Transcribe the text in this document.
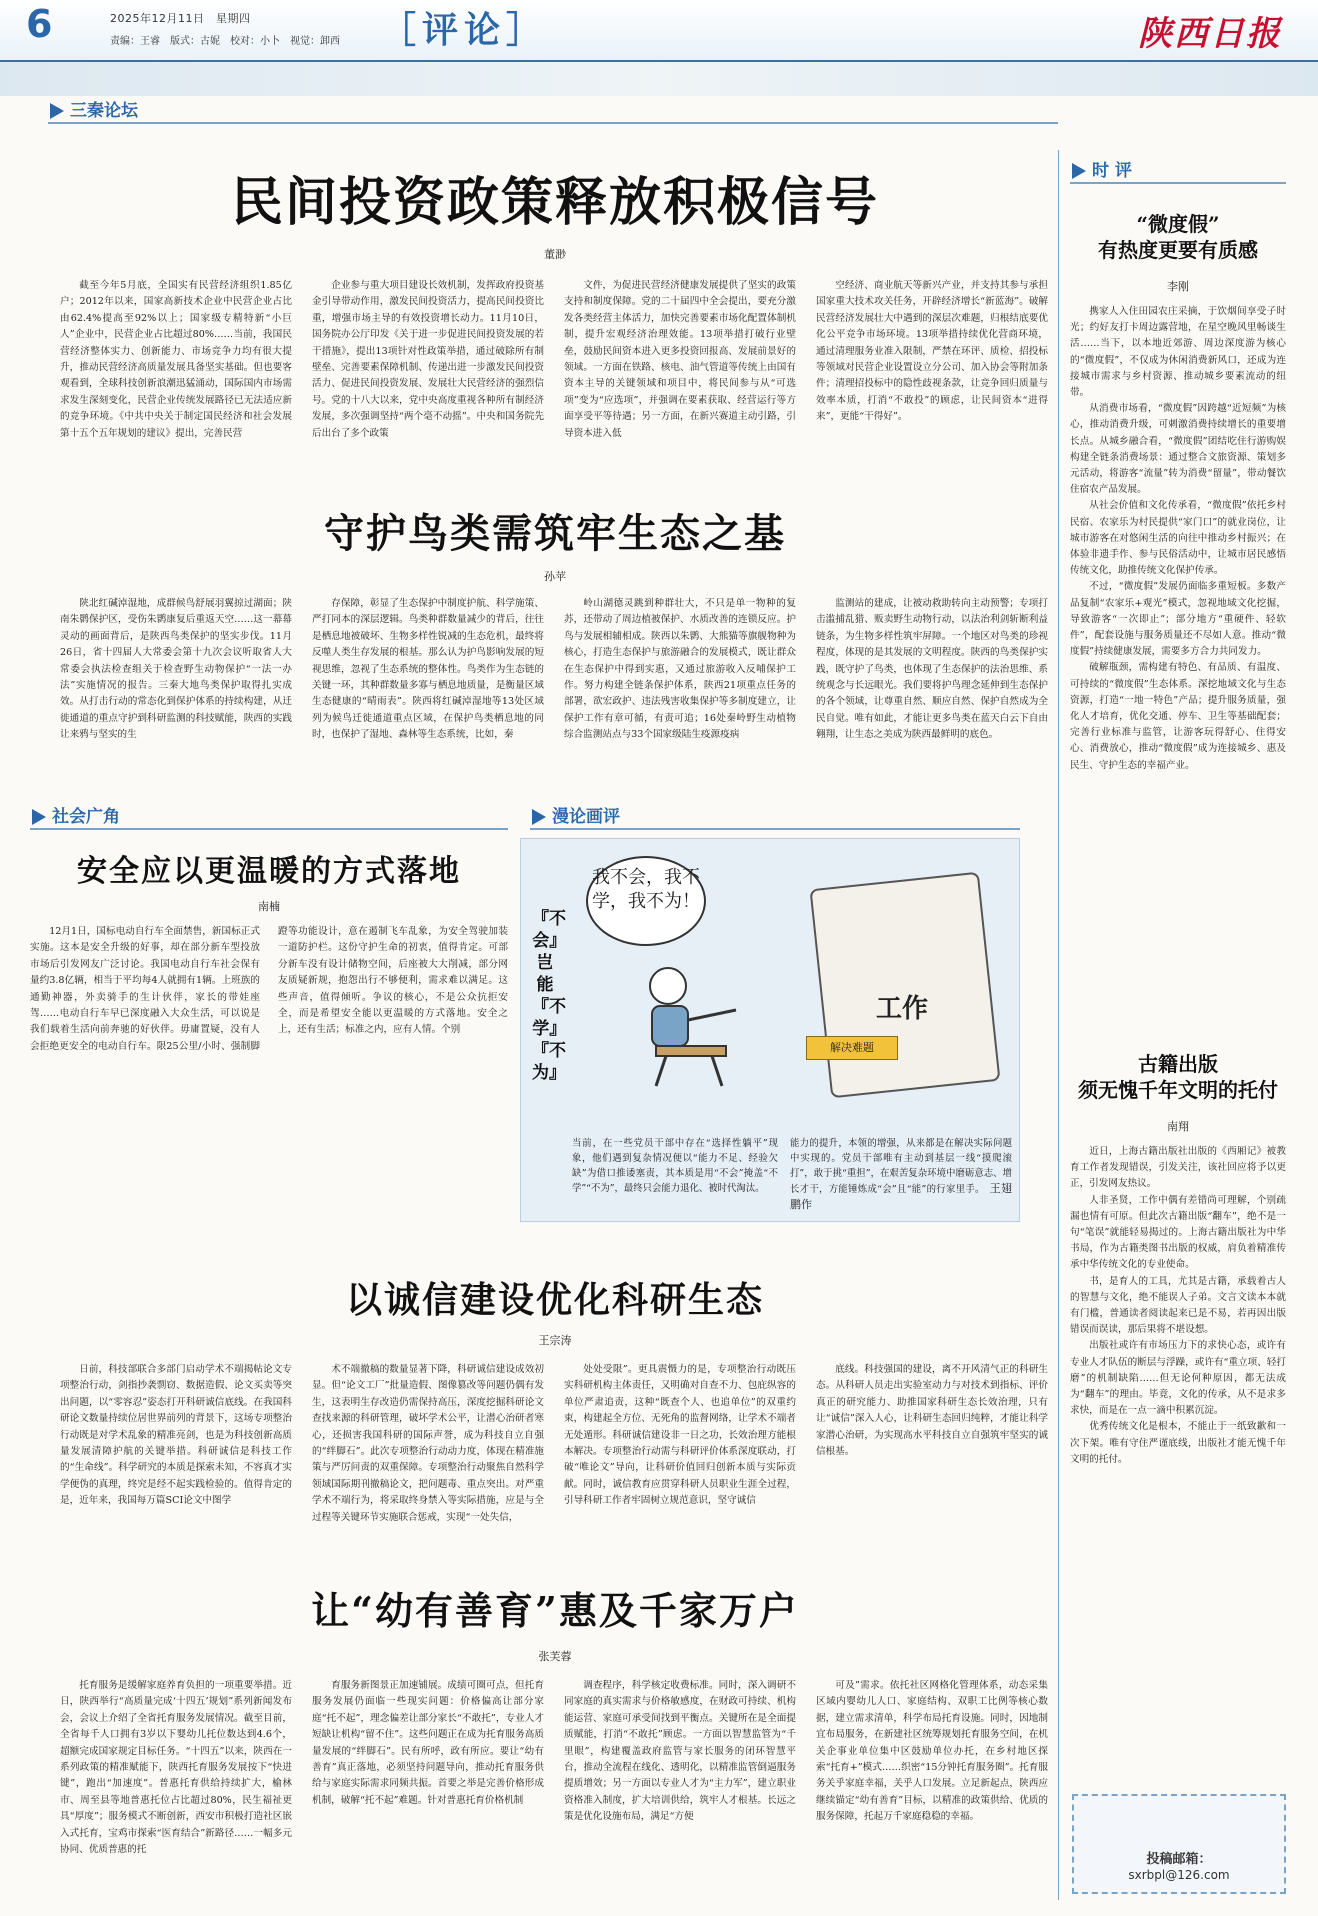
6	2025年12月11日　星期四
责编：王睿　版式：古妮　校对：小卜　视觉：卸西 ［评论］	陕西日报
三秦论坛
时 评
社会广角	漫论画评
民间投资政策释放积极信号
董渺

截至今年5月底，全国实有民营经济组织1.85亿户；2012年以来，国家高新技术企业中民营企业占比由62.4%提高至92%以上；国家级专精特新“小巨人”企业中，民营企业占比超过80%……当前，我国民营经济整体实力、创新能力、市场竞争力均有很大提升，推动民营经济高质量发展具备坚实基础。但也要客观看到，全球科技创新浪潮迅猛涌动，国际国内市场需求发生深刻变化，民营企业传统发展路径已无法适应新的竞争环境。《中共中央关于制定国民经济和社会发展第十五个五年规划的建议》提出，完善民营

企业参与重大项目建设长效机制，发挥政府投资基金引导带动作用，激发民间投资活力，提高民间投资比重，增强市场主导的有效投资增长动力。11月10日，国务院办公厅印发《关于进一步促进民间投资发展的若干措施》，提出13项针对性政策举措，通过破除所有制壁垒、完善要素保障机制、传递出进一步激发民间投资活力、促进民间投资发展、发展壮大民营经济的强烈信号。党的十八大以来，党中央高度重视各种所有制经济发展，多次强调坚持“两个毫不动摇”。中央和国务院先后出台了多个政策

文件，为促进民营经济健康发展提供了坚实的政策支持和制度保障。党的二十届四中全会提出，要充分激发各类经营主体活力，加快完善要素市场化配置体制机制，提升宏观经济治理效能。13项举措打破行业壁垒，鼓励民间资本进入更多投资回报高、发展前景好的领域。一方面在铁路、核电、油气管道等传统上由国有资本主导的关键领域和项目中，将民间参与从“可选项”变为“应选项”，并强调在要素获取、经营运行等方面享受平等待遇；另一方面，在新兴赛道主动引路，引导资本进入低

空经济、商业航天等新兴产业，并支持其参与承担国家重大技术攻关任务，开辟经济增长“新蓝海”。破解民营经济发展壮大中遇到的深层次难题，归根结底要优化公平竞争市场环境。13项举措持续优化营商环境，通过清理服务业准入限制，严禁在环评、质检、招投标等领域对民营企业设置设立分公司、加入协会等附加条件；清理招投标中的隐性歧视条款，让竞争回归质量与效率本质，打消“不敢投”的顾虑，让民间资本“进得来”，更能“干得好”。

守护鸟类需筑牢生态之基
孙苹

陕北红碱淖湿地，成群候鸟舒展羽翼掠过湖面；陕南朱鹮保护区，受伤朱鹮康复后重返天空……这一幕幕灵动的画面背后，是陕西鸟类保护的坚实步伐。11月26日，省十四届人大常委会第十九次会议听取省人大常委会执法检查组关于检查野生动物保护“一法一办法”实施情况的报告。三秦大地鸟类保护取得扎实成效。从打击行动的常态化到保护体系的持续构建，从迁徙通道的重点守护到科研监测的科技赋能，陕西的实践让来鸦与坚实的生

存保障，彰显了生态保护中制度护航、科学施策、严打同本的深层逻辑。鸟类种群数量减少的背后，往往是栖息地被破坏、生物多样性锐减的生态危机，最终将反噬人类生存发展的根基。那么认为护鸟影响发展的短视思维，忽视了生态系统的整体性。鸟类作为生态链的关键一环，其种群数量多寡与栖息地质量，是衡量区域生态健康的“晴雨表”。陕西将红碱淖湿地等13处区域列为候鸟迁徙通道重点区域，在保护鸟类栖息地的同时，也保护了湿地、森林等生态系统，比如，秦

岭山湖德灵跳到种群壮大，不只是单一物种的复苏，还带动了周边植被保护、水质改善的连锁反应。护鸟与发展相辅相成。陕西以朱鹮、大熊猫等旗舰物种为核心，打造生态保护与旅游融合的发展模式，既让群众在生态保护中得到实惠，又通过旅游收入反哺保护工作。努力构建全链条保护体系，陕西21项重点任务的部署，欲宏政护、违法残害收集保护等多制度建立，让保护工作有章可循，有责可追；16处秦岭野生动植物综合监测站点与33个国家级陆生疫源疫病

监测站的建成，让被动救助转向主动预警；专项打击滥捕乱猎、贩卖野生动物行动，以法治利剑斩断利益链条，为生物多样性筑牢屏障。一个地区对鸟类的珍视程度，体现的是其发展的文明程度。陕西的鸟类保护实践，既守护了鸟类，也体现了生态保护的法治思维、系统观念与长远眼光。我们要将护鸟理念延伸到生态保护的各个领域，让尊重自然、顺应自然、保护自然成为全民自觉。唯有如此，才能让更多鸟类在蓝天白云下自由翱翔，让生态之美成为陕西最鲜明的底色。

安全应以更温暖的方式落地
南楠

12月1日，国标电动自行车全面禁售，新国标正式实施。这本是安全升级的好事，却在部分新车型投放市场后引发网友广泛讨论。我国电动自行车社会保有量约3.8亿辆，相当于平均每4人就拥有1辆。上班族的通勤神器，外卖骑手的生计伙伴，家长的带娃座驾……电动自行车早已深度融入大众生活，可以说是我们载着生活向前奔驰的好伙伴。毋庸置疑，没有人会拒绝更安全的电动自行车。限25公里/小时、强制脚蹬等功能设计，意在遏制飞车乱象，为安全驾驶加装一道防护栏。这份守护生命的初衷，值得肯定。可部分新车没有设计储物空间，后座被大大削减，部分网友质疑新规，抱怨出行不够便利，需求难以满足。这些声音，值得倾听。争议的核心，不是公众抗拒安全，而是希望安全能以更温暖的方式落地。安全之上，还有生活；标准之内，应有人情。个别

『不会』岂能『不学』『不为』
我不会，我不学，我不为！
工作
解决难题
当前，在一些党员干部中存在“选择性躺平”现象，他们遇到复杂情况便以“能力不足、经验欠缺”为借口推诿塞责，其本质是用“不会”掩盖“不学”“不为”，最终只会能力退化、被时代淘汰。
能力的提升，本领的增强，从来都是在解决实际问题中实现的。党员干部唯有主动到基层一线“摸爬滚打”，敢于挑“重担”，在艰苦复杂环境中磨砺意志、增长才干，方能锤炼成“会”且“能”的行家里手。　 王翅鹏作
以诚信建设优化科研生态
王宗涛

日前，科技部联合多部门启动学术不端揭帖论文专项整治行动，剑指抄袭剽窃、数据造假、论文买卖等突出问题，以“零容忍”姿态打开科研诚信底线。在我国科研论文数量持续位居世界前列的背景下，这场专项整治行动既是对学术乱象的精准亮剑，也是为科技创新高质量发展清障护航的关键举措。科研诚信是科技工作的“生命线”。科学研究的本质是探索未知，不容真才实学便伪的真理，终究是经不起实践检验的。值得肯定的是，近年来，我国每万篇SCI论文中图学

术不端撤稿的数量显著下降，科研诚信建设成效初显。但“论文工厂”批量造假、图像篡改等问题仍偶有发生，这表明生存改造仍需保持高压，深度挖掘科研论文查找来源的科研管理，破坏学术公平，让潜心治研者寒心，还损害我国科研的国际声誉，成为科技自立自强的“绊脚石”。此次专项整治行动动力度，体现在精准施策与严厉问责的双重保障。专项整治行动聚焦自然科学领域国际期刊撤稿论文，把问题毒、重点突出。对严重学术不端行为，将采取终身禁入等实际措施，应是与全过程等关键环节实施联合惩戒，实现“一处失信，

处处受限”。更具震慑力的是，专项整治行动既压实科研机构主体责任，又明确对自查不力、包庇纵容的单位严肃追责，这种“既查个人、也追单位”的双重约束，构建起全方位、无死角的监督网络，让学术不端者无处遁形。科研诚信建设非一日之功，长效治理方能根本解决。专项整治行动需与科研评价体系深度联动，打破“唯论文”导向，让科研价值回归创新本质与实际贡献。同时，诚信教育应贯穿科研人员职业生涯全过程，引导科研工作者牢固树立规范意识，坚守诚信

底线。科技强国的建设，离不开风清气正的科研生态。从科研人员走出实验室动力与对技术到指标、评价真正的研究能力、助推国家科研生态长效治理，只有让“诚信”深入人心，让科研生态回归纯粹，才能让科学家潜心治研，为实现高水平科技自立自强筑牢坚实的诚信根基。

让“幼有善育”惠及千家万户
张芙蓉

托育服务是缓解家庭养育负担的一项重要举措。近日，陕西举行“高质量完成‘十四五’规划”系列新闻发布会，会议上介绍了全省托育服务发展情况。截至目前，全省每千人口拥有3岁以下婴幼儿托位数达到4.6个，超额完成国家规定目标任务。“十四五”以来，陕西在一系列政策的精准赋能下，陕西托育服务发展按下“快进键”，跑出“加速度”。普惠托育供给持续扩大，榆林市、周至县等地普惠托位占比超过80%，民生福祉更具“厚度”；服务模式不断创新，西安市积极打造社区嵌入式托育，宝鸡市探索“医育结合”新路径……一幅多元协同、优质普惠的托

育服务新图景正加速铺展。成绩可圈可点，但托育服务发展仍面临一些现实问题：价格偏高让部分家庭“托不起”，理念偏差让部分家长“不敢托”，专业人才短缺让机构“留不住”。这些问题正在成为托育服务高质量发展的“绊脚石”。民有所呼，政有所应。要让“幼有善育”真正落地，必须坚持问题导向，推动托育服务供给与家庭实际需求同频共振。首要之举是完善价格形成机制，破解“托不起”难题。针对普惠托育价格机制

调查程序，科学核定收费标准。同时，深入调研不同家庭的真实需求与价格敏感度，在财政可持续、机构能运营、家庭可承受间找到平衡点。关键所在是全面提质赋能，打消“不敢托”顾虑。一方面以智慧监管为“千里眼”，构建覆盖政府监管与家长服务的闭环智慧平台，推动全流程在线化、透明化，以精准监管倒逼服务提质增效；另一方面以专业人才为“主力军”，建立职业资格准入制度，扩大培训供给，筑牢人才根基。长远之策是优化设施布局，满足“方便

可及”需求。依托社区网格化管理体系，动态采集区域内婴幼儿人口、家庭结构、双职工比例等核心数据，建立需求清单，科学布局托育设施。同时，因地制宜布局服务，在新建社区统筹规划托育服务空间，在机关企事业单位集中区鼓励单位办托，在乡村地区探索“托育+”模式……织密“15分钟托育服务圈”。托育服务关乎家庭幸福，关乎人口发展。立足新起点，陕西应继续锚定“幼有善育”目标，以精准的政策供给、优质的服务保障，托起万千家庭稳稳的幸福。

“微度假”
有热度更要有质感
李刚

携家人入住田园农庄采摘，于饮烟间享受子时光；约好友打卡周边露营地，在星空晚风里畅谈生活……当下，以本地近郊游、周边深度游为核心的“微度假”，不仅成为休闲消费新风口，还成为连接城市需求与乡村资源、推动城乡要素流动的纽带。

从消费市场看，“微度假”因跨越“近短频”为核心，推动消费升级，可刺激消费持续增长的重要增长点。从城乡融合看，“微度假”团结吃住行游购娱构建全链条消费场景：通过整合文旅资源、策划多元活动，将游客“流量”转为消费“留量”，带动餐饮住宿农产品发展。

从社会价值和文化传承看，“微度假”依托乡村民宿、农家乐为村民提供“家门口”的就业岗位，让城市游客在对悠闲生活的向往中推动乡村振兴；在体验非遗手作、参与民俗活动中，让城市居民感悟传统文化，助推传统文化保护传承。

不过，“微度假”发展仍面临多重短板。多数产品复制“农家乐+观光”模式，忽视地域文化挖掘，导致游客“一次即止”；部分地方“重硬件、轻软件”，配套设施与服务质量还不尽如人意。推动“微度假”持续健康发展，需要多方合力共同发力。

破解瓶颈，需构建有特色、有品质、有温度、可持续的“微度假”生态体系。深挖地域文化与生态资源，打造“一地一特色”产品；提升服务质量，强化人才培育，优化交通、停车、卫生等基础配套；完善行业标准与监管，让游客玩得舒心、住得安心、消费放心，推动“微度假”成为连接城乡、惠及民生、守护生态的幸福产业。

古籍出版
须无愧千年文明的托付
南翔

近日，上海古籍出版社出版的《西厢记》被教育工作者发现错误，引发关注，该社回应将予以更正，引发网友热议。

人非圣贤，工作中偶有差错尚可理解，个别疏漏也情有可原。但此次古籍出版“翻车”，绝不是一句“笔误”就能轻易揭过的。上海古籍出版社为中华书局，作为古籍类图书出版的权威，肩负着精准传承中华传统文化的专业使命。

书，是育人的工具，尤其是古籍，承载着古人的智慧与文化，绝不能误人子弟。文言文读本本就有门槛，普通读者阅读起来已是不易，若再因出版错误而误读，那后果将不堪设想。

出版社或许有市场压力下的求快心态，或许有专业人才队伍的断层与浮躁，或许有“重立项、轻打磨”的机制缺陷……但无论何种原因，都无法成为“翻车”的理由。毕竟，文化的传承，从不是求多求快，而是在一点一滴中积累沉淀。

优秀传统文化是根本，不能止于一纸致歉和一次下架。唯有守住严谨底线，出版社才能无愧千年文明的托付。

投稿邮箱：
sxrbpl@126.com
